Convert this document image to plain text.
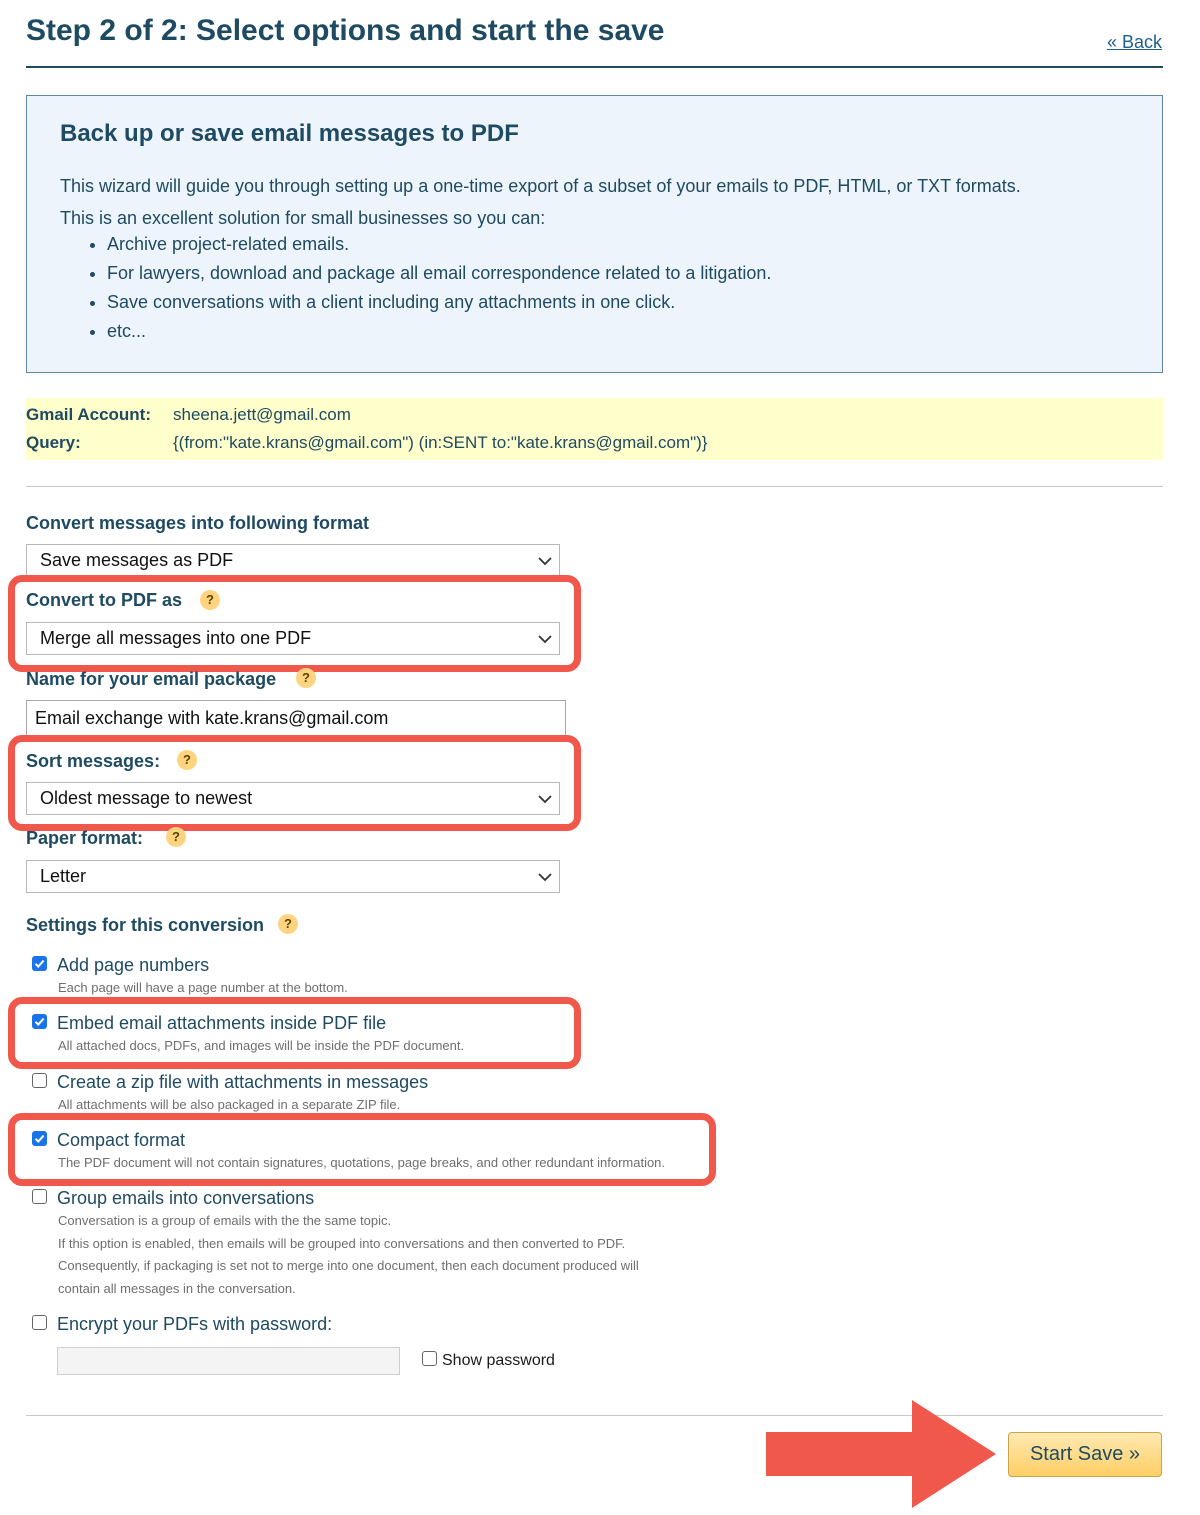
Step 2 of 2: Select options and start the save	« Back
Back up or save email messages to PDF
This wizard will guide you through setting up a one-time export of a subset of your emails to PDF, HTML, or TXT formats.
This is an excellent solution for small businesses so you can:
• Archive project-related emails.
• For lawyers, download and package all email correspondence related to a litigation.
• Save conversations with a client including any attachments in one click.
• etc...
Gmail Account: sheena.jett@gmail.com
Query:	{(from:"kate.krans@gmail.com") (in:SENT to:"kate.krans@gmail.com")}
Convert messages into following format
Save messages as PDF
Convert to PDF as	?
Merge all messages into one PDF
Name for your email package	?
Email exchange with kate.krans@gmail.com
Sort messages:	?
Oldest message to newest
Paper format:	?
Letter
Settings for this conversion	?
Add page numbers
Each page will have a page number at the bottom.
Embed email attachments inside PDF file
All attached docs, PDFs, and images will be inside the PDF document.
Create a zip file with attachments in messages
All attachments will be also packaged in a separate ZIP file.
Compact format
The PDF document will not contain signatures, quotations, page breaks, and other redundant information.
Group emails into conversations
Conversation is a group of emails with the the same topic.
If this option is enabled, then emails will be grouped into conversations and then converted to PDF.
Consequently, if packaging is set not to merge into one document, then each document produced will
contain all messages in the conversation.
Encrypt your PDFs with password:
Show password
Start Save »
